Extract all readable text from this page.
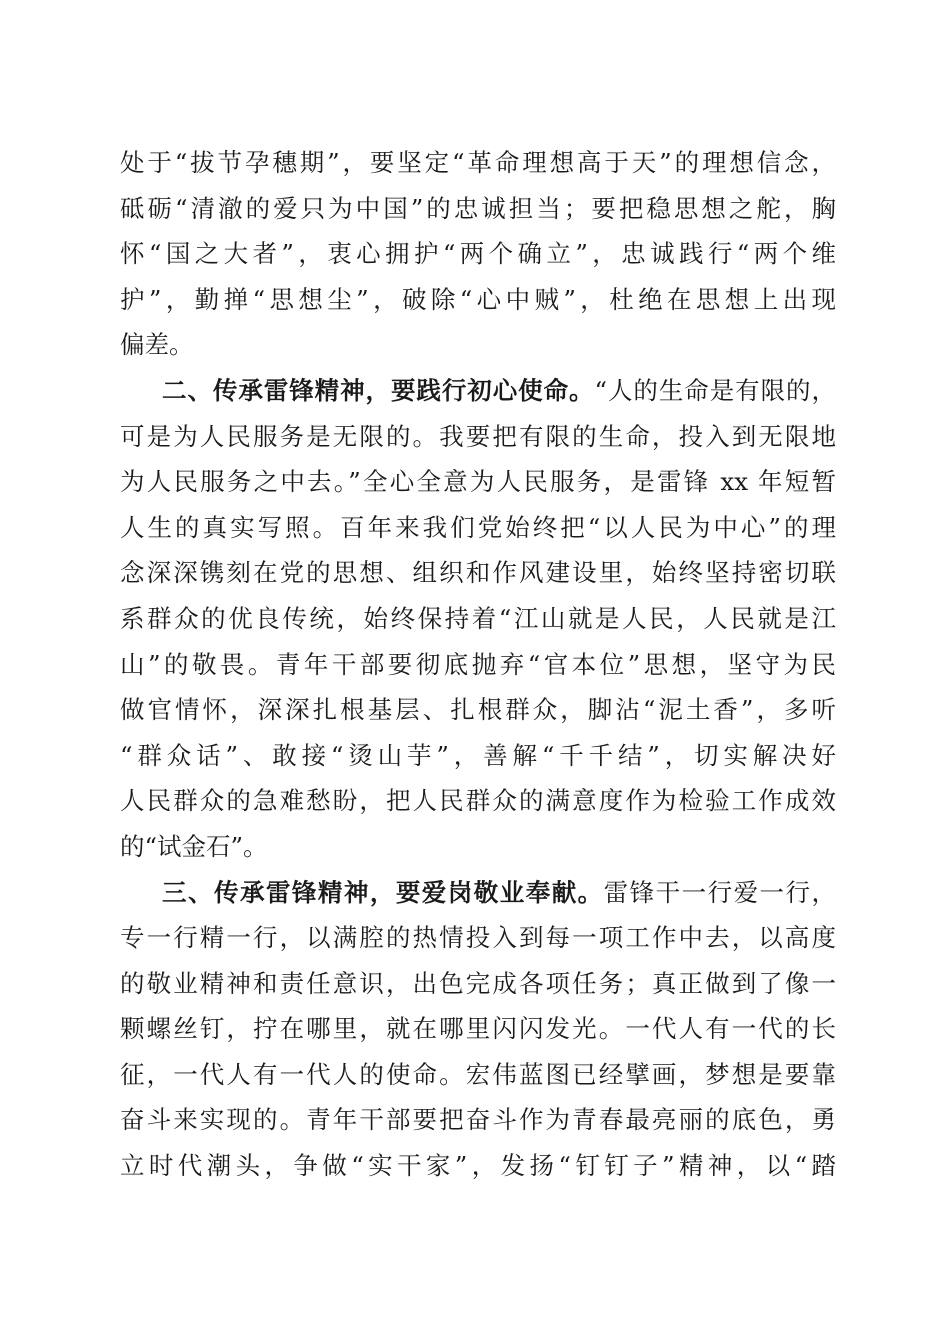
处于“拔节孕穗期”，要坚定“革命理想高于天”的理想信念，
砥砺“清澈的爱只为中国”的忠诚担当；要把稳思想之舵，胸
怀“国之大者”，衷心拥护“两个确立”，忠诚践行“两个维
护”，勤掸“思想尘”，破除“心中贼”，杜绝在思想上出现
偏差。
二、传承雷锋精神，要践行初心使命。“人的生命是有限的，
可是为人民服务是无限的。我要把有限的生命，投入到无限地
为人民服务之中去。”全心全意为人民服务，是雷锋 xx 年短暂
人生的真实写照。百年来我们党始终把“以人民为中心”的理
念深深镌刻在党的思想、组织和作风建设里，始终坚持密切联
系群众的优良传统，始终保持着“江山就是人民，人民就是江
山”的敬畏。青年干部要彻底抛弃“官本位”思想，坚守为民
做官情怀，深深扎根基层、扎根群众，脚沾“泥土香”，多听
“群众话”、敢接“烫山芋”，善解“千千结”，切实解决好
人民群众的急难愁盼，把人民群众的满意度作为检验工作成效
的“试金石”。
三、传承雷锋精神，要爱岗敬业奉献。雷锋干一行爱一行，
专一行精一行，以满腔的热情投入到每一项工作中去，以高度
的敬业精神和责任意识，出色完成各项任务；真正做到了像一
颗螺丝钉，拧在哪里，就在哪里闪闪发光。一代人有一代的长
征，一代人有一代人的使命。宏伟蓝图已经擘画，梦想是要靠
奋斗来实现的。青年干部要把奋斗作为青春最亮丽的底色，勇
立时代潮头，争做“实干家”，发扬“钉钉子”精神，以“踏
